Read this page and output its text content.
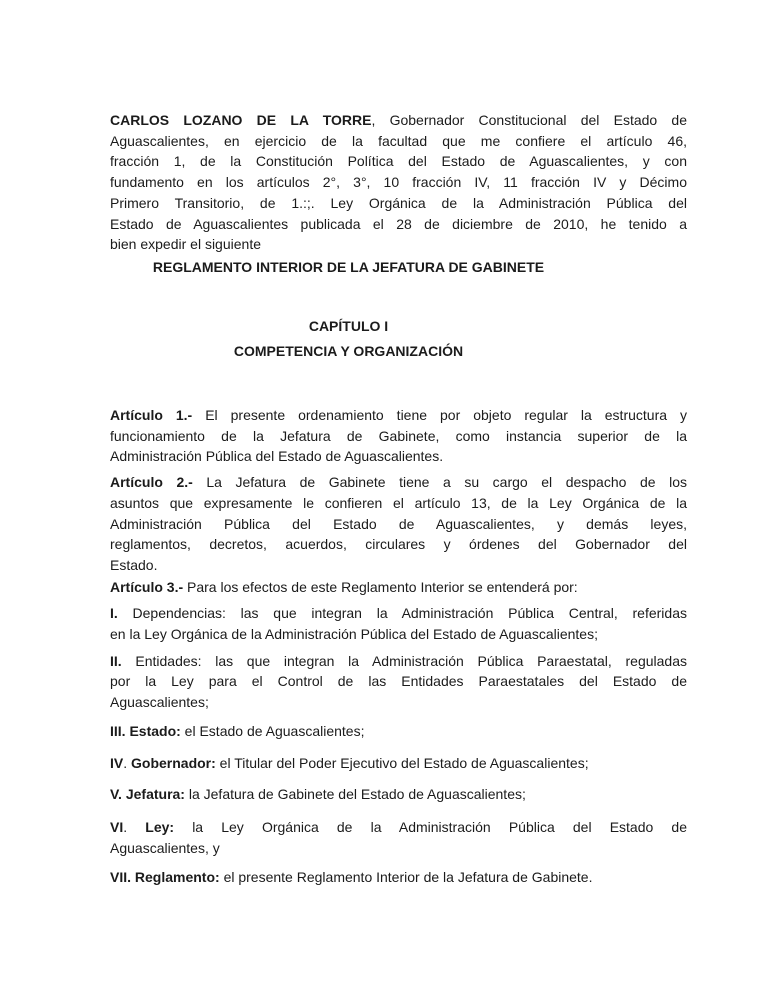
CARLOS LOZANO DE LA TORRE, Gobernador Constitucional del Estado de
Aguascalientes, en ejercicio de la facultad que me confiere el artículo 46,
fracción 1, de la Constitución Política del Estado de Aguascalientes, y con
fundamento en los artículos 2°, 3°, 10 fracción IV, 11 fracción IV y Décimo
Primero Transitorio, de 1.:;. Ley Orgánica de la Administración Pública del
Estado de Aguascalientes publicada el 28 de diciembre de 2010, he tenido a
bien expedir el siguiente
REGLAMENTO INTERIOR DE LA JEFATURA DE GABINETE
CAPÍTULO I
COMPETENCIA Y ORGANIZACIÓN
Artículo 1.- El presente ordenamiento tiene por objeto regular la estructura y
funcionamiento de la Jefatura de Gabinete, como instancia superior de la
Administración Pública del Estado de Aguascalientes.
Artículo 2.- La Jefatura de Gabinete tiene a su cargo el despacho de los
asuntos que expresamente le confieren el artículo 13, de la Ley Orgánica de la
Administración Pública del Estado de Aguascalientes, y demás leyes,
reglamentos, decretos, acuerdos, circulares y órdenes del Gobernador del
Estado.
Artículo 3.- Para los efectos de este Reglamento Interior se entenderá por:
I. Dependencias: las que integran la Administración Pública Central, referidas
en la Ley Orgánica de la Administración Pública del Estado de Aguascalientes;
II. Entidades: las que integran la Administración Pública Paraestatal, reguladas
por la Ley para el Control de las Entidades Paraestatales del Estado de
Aguascalientes;
III. Estado: el Estado de Aguascalientes;
IV. Gobernador: el Titular del Poder Ejecutivo del Estado de Aguascalientes;
V. Jefatura: la Jefatura de Gabinete del Estado de Aguascalientes;
VI. Ley: la Ley Orgánica de la Administración Pública del Estado de
Aguascalientes, y
VII. Reglamento: el presente Reglamento Interior de la Jefatura de Gabinete.
